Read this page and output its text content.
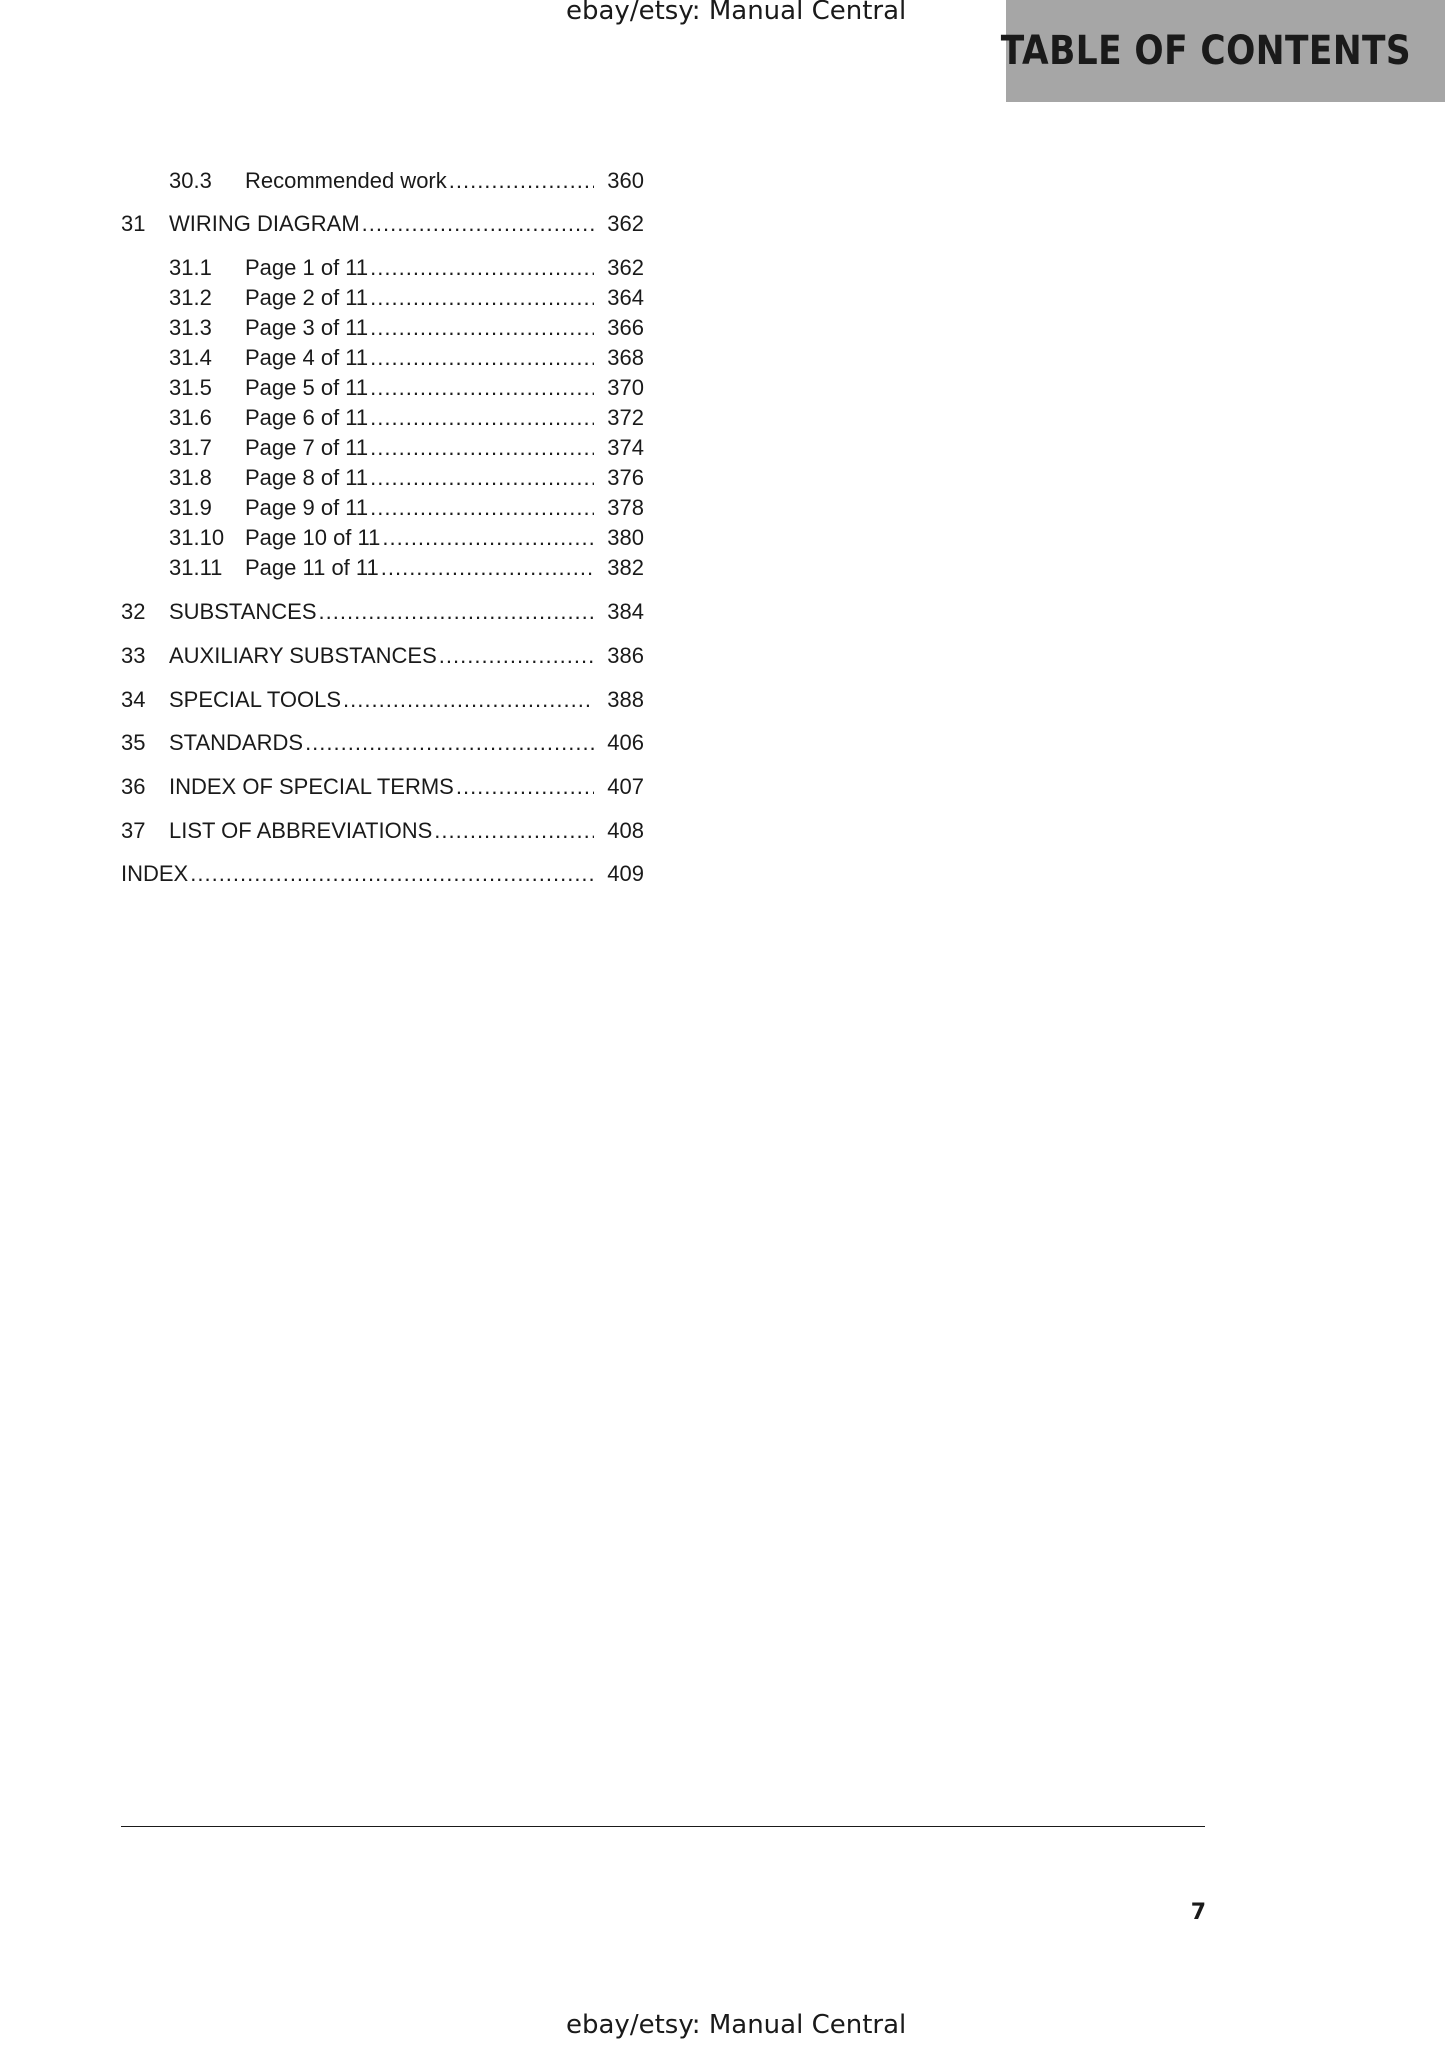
ebay/etsy: Manual Central
TABLE OF CONTENTS
30.3	Recommended work .....	360
31	WIRING DIAGRAM .....	362
31.1	Page 1 of 11 .....	362
31.2	Page 2 of 11 .....	364
31.3	Page 3 of 11 .....	366
31.4	Page 4 of 11 .....	368
31.5	Page 5 of 11 .....	370
31.6	Page 6 of 11 .....	372
31.7	Page 7 of 11 .....	374
31.8	Page 8 of 11 .....	376
31.9	Page 9 of 11 .....	378
31.10 Page 10 of 11 .....	380
31.11	Page 11 of 11 .....	382
32	SUBSTANCES .....	384
33	AUXILIARY SUBSTANCES .....	386
34	SPECIAL TOOLS .....	388
35	STANDARDS .....	406
36	INDEX OF SPECIAL TERMS .....	407
37	LIST OF ABBREVIATIONS .....	408
INDEX .....	409
7
ebay/etsy: Manual Central
